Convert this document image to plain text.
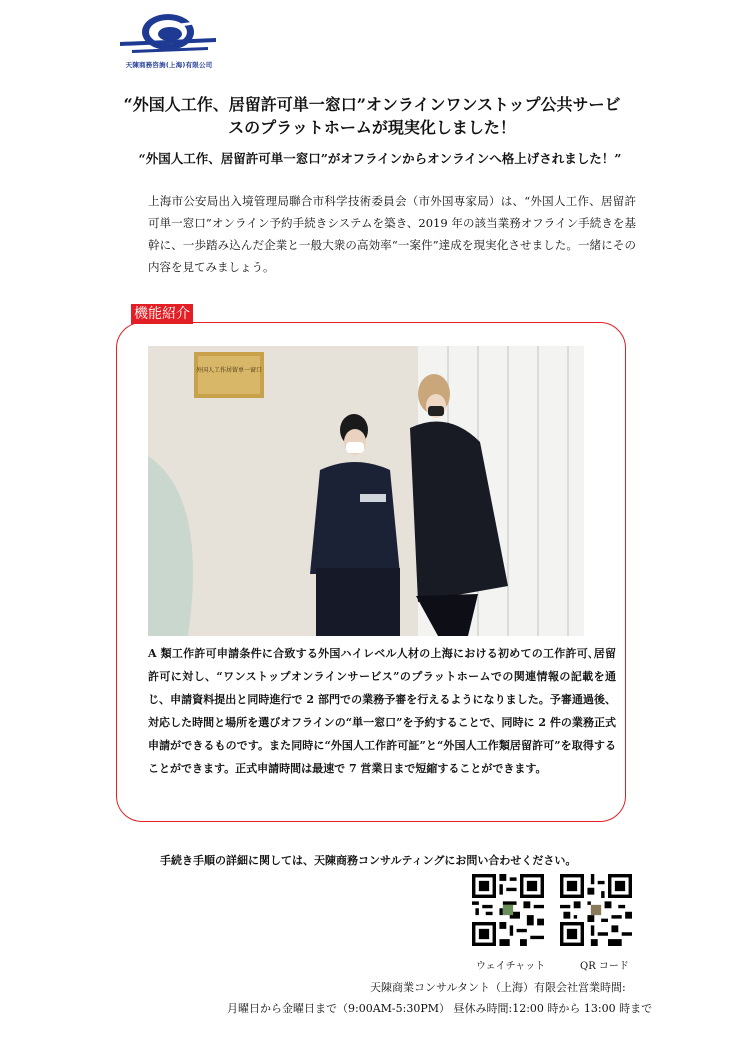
天陳商務咨詢(上海)有限公司
“外国人工作、居留許可単一窓口”オンラインワンストップ公共サービ
スのプラットホームが現実化しました！
“外国人工作、居留許可単一窓口”がオフラインからオンラインへ格上げされました！”
上海市公安局出入境管理局聯合市科学技術委員会（市外国専家局）は、“外国人工作、居留許可単一窓口”オンライン予約手続きシステムを築き、2019 年の該当業務オフライン手続きを基幹に、一歩踏み込んだ企業と一般大衆の高効率“一案件”達成を現実化させました。一緒にその内容を見てみましょう。
機能紹介
外国人工作居留单一窗口
A 類工作許可申請条件に合致する外国ハイレベル人材の上海における初めての工作許可､居留許可に対し、“ワンストップオンラインサービス”のプラットホームでの関連情報の記載を通じ、申請資料提出と同時進行で 2 部門での業務予審を行えるようになりました。予審通過後、対応した時間と場所を選びオフラインの“単一窓口”を予約することで、同時に 2 件の業務正式申請ができるものです。また同時に“外国人工作許可証”と“外国人工作類居留許可”を取得することができます。正式申請時間は最速で 7 営業日まで短縮することができます。
手続き手順の詳細に関しては、天陳商務コンサルティングにお問い合わせください。
ウェイチャット	QR コード
天陳商業コンサルタント（上海）有限会社営業時間:
月曜日から金曜日まで（9:00AM-5:30PM） 昼休み時間:12:00 時から 13:00 時まで
